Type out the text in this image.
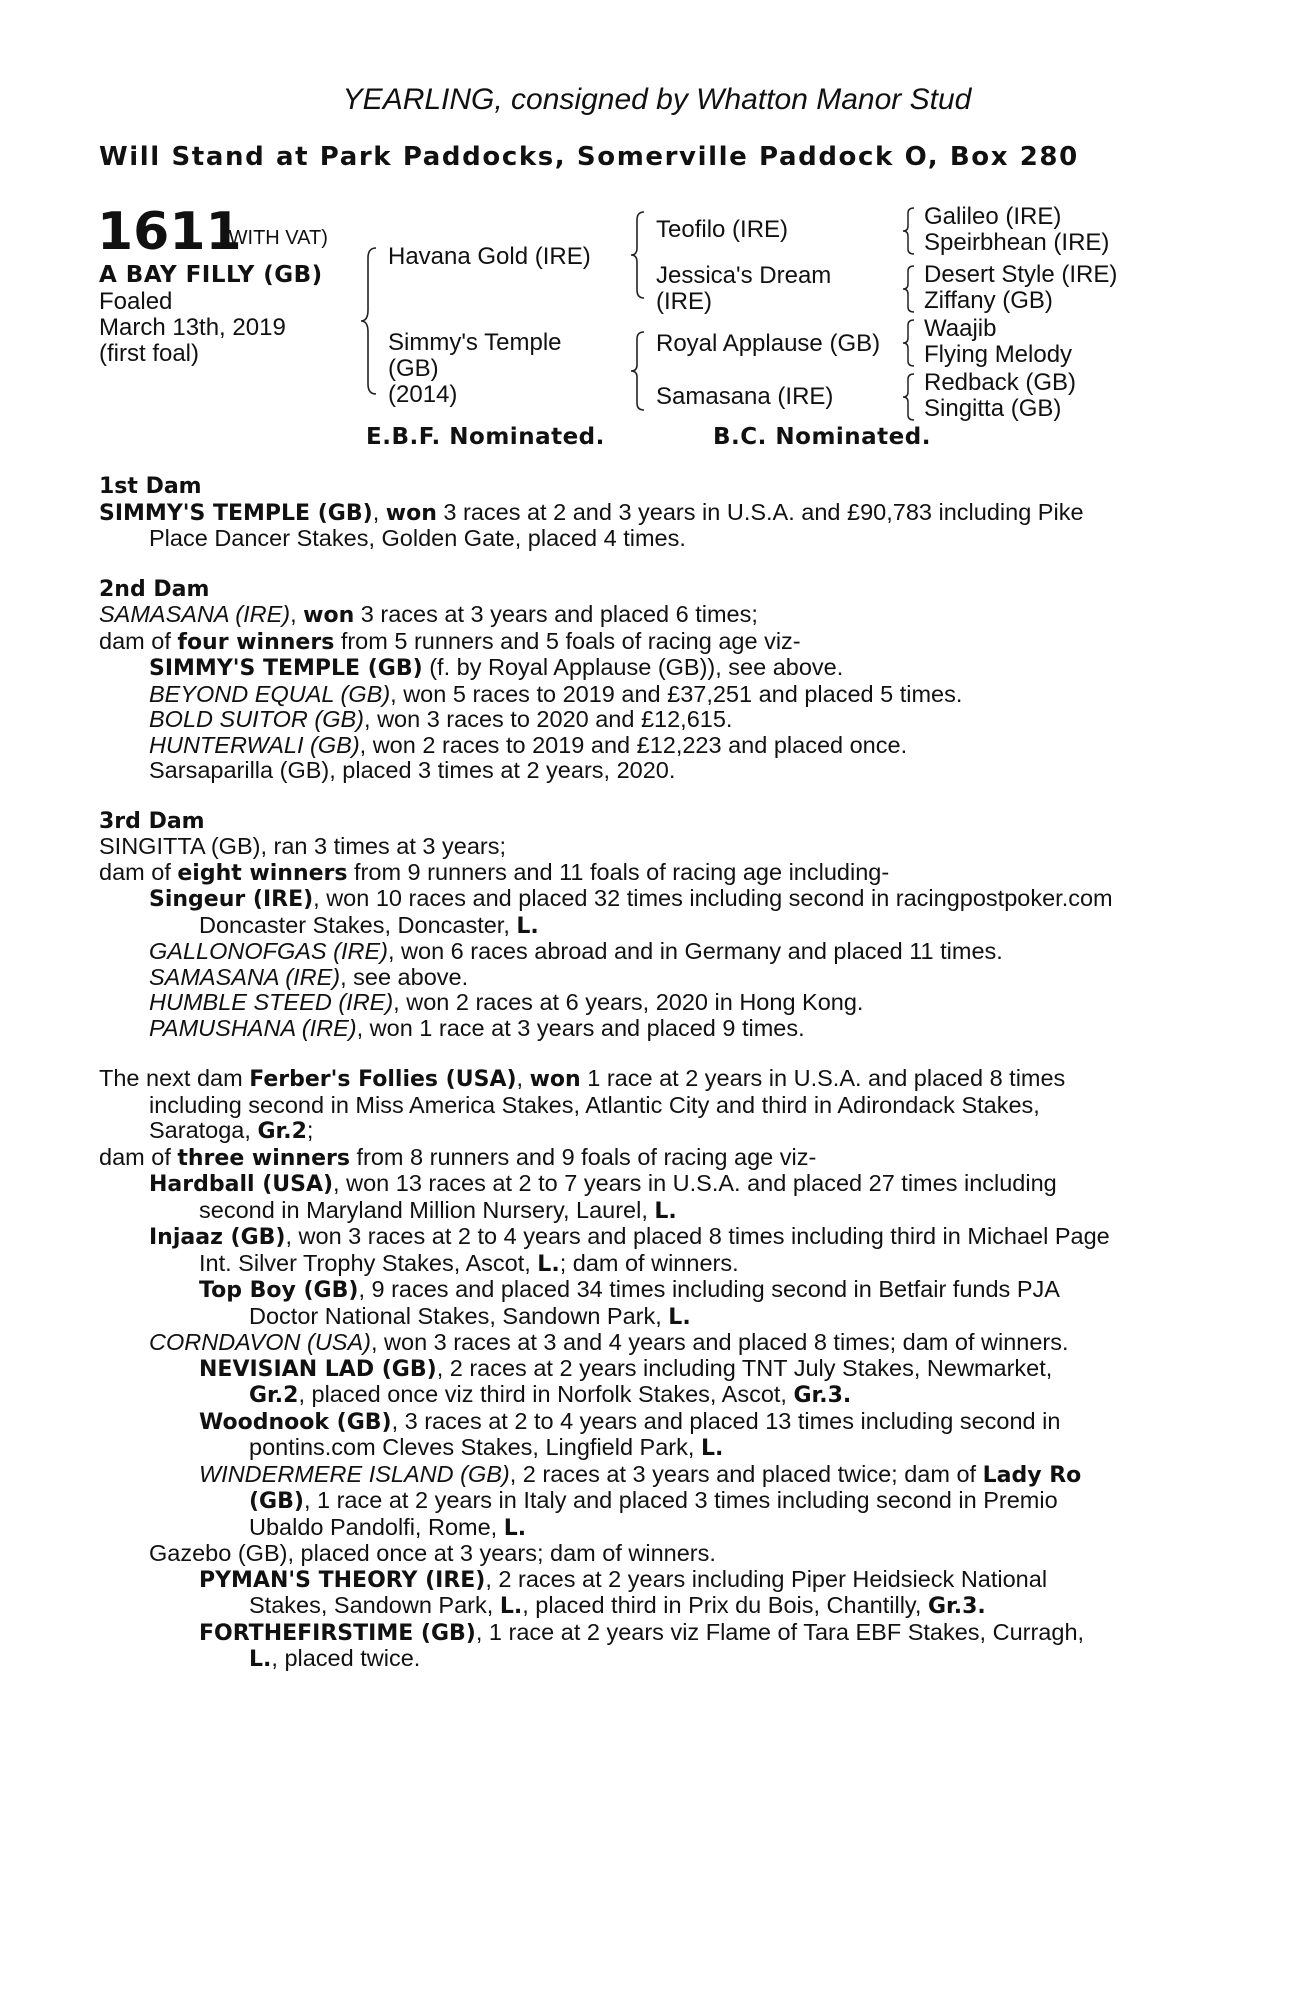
YEARLING, consigned by Whatton Manor Stud
Will Stand at Park Paddocks, Somerville Paddock O, Box 280
1611
(WITH VAT)
A BAY FILLY (GB)
Foaled
March 13th, 2019
(first foal)
Havana Gold (IRE)
Simmy's Temple
(GB)
(2014)
Teofilo (IRE)
Jessica's Dream
(IRE)
Royal Applause (GB)
Samasana (IRE)
Galileo (IRE)
Speirbhean (IRE)
Desert Style (IRE)
Ziffany (GB)
Waajib
Flying Melody
Redback (GB)
Singitta (GB)
E.B.F. Nominated.	B.C. Nominated.
1st Dam
SIMMY'S TEMPLE (GB), won 3 races at 2 and 3 years in U.S.A. and £90,783 including Pike
Place Dancer Stakes, Golden Gate, placed 4 times.
2nd Dam
SAMASANA (IRE), won 3 races at 3 years and placed 6 times;
dam of four winners from 5 runners and 5 foals of racing age viz-
SIMMY'S TEMPLE (GB) (f. by Royal Applause (GB)), see above.
BEYOND EQUAL (GB), won 5 races to 2019 and £37,251 and placed 5 times.
BOLD SUITOR (GB), won 3 races to 2020 and £12,615.
HUNTERWALI (GB), won 2 races to 2019 and £12,223 and placed once.
Sarsaparilla (GB), placed 3 times at 2 years, 2020.
3rd Dam
SINGITTA (GB), ran 3 times at 3 years;
dam of eight winners from 9 runners and 11 foals of racing age including-
Singeur (IRE), won 10 races and placed 32 times including second in racingpostpoker.com
Doncaster Stakes, Doncaster, L.
GALLONOFGAS (IRE), won 6 races abroad and in Germany and placed 11 times.
SAMASANA (IRE), see above.
HUMBLE STEED (IRE), won 2 races at 6 years, 2020 in Hong Kong.
PAMUSHANA (IRE), won 1 race at 3 years and placed 9 times.
The next dam Ferber's Follies (USA), won 1 race at 2 years in U.S.A. and placed 8 times
including second in Miss America Stakes, Atlantic City and third in Adirondack Stakes,
Saratoga, Gr.2;
dam of three winners from 8 runners and 9 foals of racing age viz-
Hardball (USA), won 13 races at 2 to 7 years in U.S.A. and placed 27 times including
second in Maryland Million Nursery, Laurel, L.
Injaaz (GB), won 3 races at 2 to 4 years and placed 8 times including third in Michael Page
Int. Silver Trophy Stakes, Ascot, L.; dam of winners.
Top Boy (GB), 9 races and placed 34 times including second in Betfair funds PJA
Doctor National Stakes, Sandown Park, L.
CORNDAVON (USA), won 3 races at 3 and 4 years and placed 8 times; dam of winners.
NEVISIAN LAD (GB), 2 races at 2 years including TNT July Stakes, Newmarket,
Gr.2, placed once viz third in Norfolk Stakes, Ascot, Gr.3.
Woodnook (GB), 3 races at 2 to 4 years and placed 13 times including second in
pontins.com Cleves Stakes, Lingfield Park, L.
WINDERMERE ISLAND (GB), 2 races at 3 years and placed twice; dam of Lady Ro
(GB), 1 race at 2 years in Italy and placed 3 times including second in Premio
Ubaldo Pandolfi, Rome, L.
Gazebo (GB), placed once at 3 years; dam of winners.
PYMAN'S THEORY (IRE), 2 races at 2 years including Piper Heidsieck National
Stakes, Sandown Park, L., placed third in Prix du Bois, Chantilly, Gr.3.
FORTHEFIRSTIME (GB), 1 race at 2 years viz Flame of Tara EBF Stakes, Curragh,
L., placed twice.
